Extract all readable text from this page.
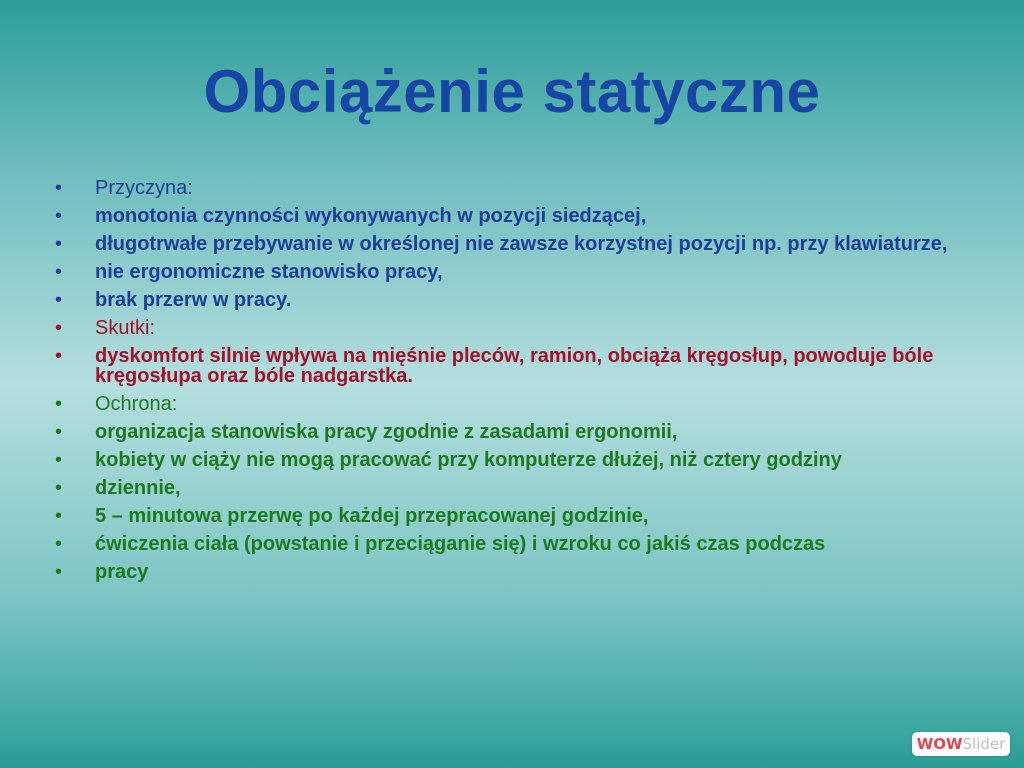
Obciążenie statyczne
• Przyczyna:
• monotonia czynności wykonywanych w pozycji siedzącej,
• długotrwałe przebywanie w określonej nie zawsze korzystnej pozycji np. przy klawiaturze,
• nie ergonomiczne stanowisko pracy,
• brak przerw w pracy.
• Skutki:
• dyskomfort silnie wpływa na mięśnie pleców, ramion, obciąża kręgosłup, powoduje bóle kręgosłupa oraz bóle nadgarstka.
• Ochrona:
• organizacja stanowiska pracy zgodnie z zasadami ergonomii,
• kobiety w ciąży nie mogą pracować przy komputerze dłużej, niż cztery godziny
• dziennie,
• 5 – minutowa przerwę po każdej przepracowanej godzinie,
• ćwiczenia ciała (powstanie i przeciąganie się) i wzroku co jakiś czas podczas
• pracy
WOW Slider
